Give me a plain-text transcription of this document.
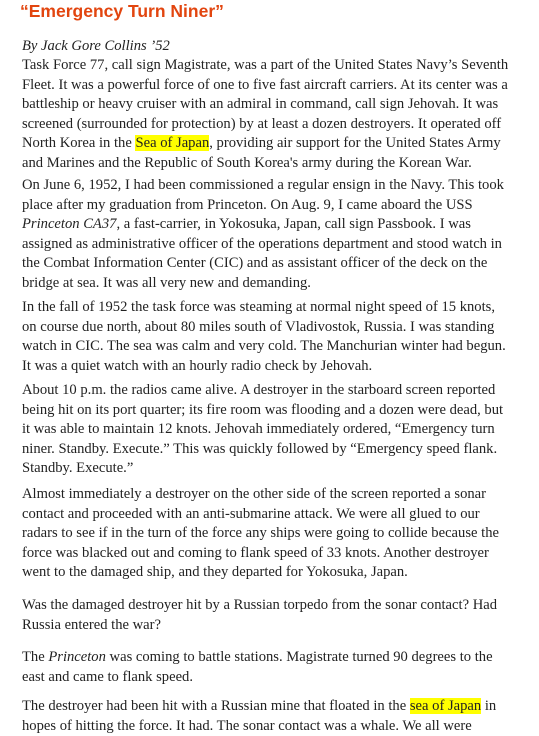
“Emergency Turn Niner”
By Jack Gore Collins ’52
Task Force 77, call sign Magistrate, was a part of the United States Navy’s Seventh
Fleet. It was a powerful force of one to five fast aircraft carriers. At its center was a
battleship or heavy cruiser with an admiral in command, call sign Jehovah. It was
screened (surrounded for protection) by at least a dozen destroyers. It operated off
North Korea in the Sea of Japan, providing air support for the United States Army
and Marines and the Republic of South Korea's army during the Korean War.
On June 6, 1952, I had been commissioned a regular ensign in the Navy. This took
place after my graduation from Princeton. On Aug. 9, I came aboard the USS
Princeton CA37, a fast-carrier, in Yokosuka, Japan, call sign Passbook. I was
assigned as administrative officer of the operations department and stood watch in
the Combat Information Center (CIC) and as assistant officer of the deck on the
bridge at sea. It was all very new and demanding.
In the fall of 1952 the task force was steaming at normal night speed of 15 knots,
on course due north, about 80 miles south of Vladivostok, Russia. I was standing
watch in CIC. The sea was calm and very cold. The Manchurian winter had begun.
It was a quiet watch with an hourly radio check by Jehovah.
About 10 p.m. the radios came alive. A destroyer in the starboard screen reported
being hit on its port quarter; its fire room was flooding and a dozen were dead, but
it was able to maintain 12 knots. Jehovah immediately ordered, “Emergency turn
niner. Standby. Execute.” This was quickly followed by “Emergency speed flank.
Standby. Execute.”
Almost immediately a destroyer on the other side of the screen reported a sonar
contact and proceeded with an anti-submarine attack. We were all glued to our
radars to see if in the turn of the force any ships were going to collide because the
force was blacked out and coming to flank speed of 33 knots. Another destroyer
went to the damaged ship, and they departed for Yokosuka, Japan.
Was the damaged destroyer hit by a Russian torpedo from the sonar contact? Had
Russia entered the war?
The Princeton was coming to battle stations. Magistrate turned 90 degrees to the
east and came to flank speed.
The destroyer had been hit with a Russian mine that floated in the sea of Japan in
hopes of hitting the force. It had. The sonar contact was a whale. We all were
